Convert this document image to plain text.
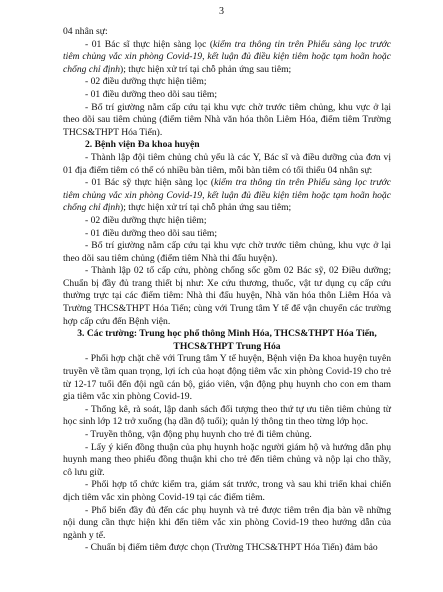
3

04 nhân sự:

- 01 Bác sĩ thực hiện sàng lọc (kiểm tra thông tin trên Phiếu sàng lọc trước tiêm chủng vắc xin phòng Covid-19, kết luận đủ điều kiện tiêm hoặc tạm hoãn hoặc chống chỉ định); thực hiện xử trí tại chỗ phản ứng sau tiêm;

- 02 điều dưỡng thực hiện tiêm;

- 01 điều dưỡng theo dõi sau tiêm;

- Bố trí giường nằm cấp cứu tại khu vực chờ trước tiêm chủng, khu vực ở lại theo dõi sau tiêm chủng (điểm tiêm Nhà văn hóa thôn Liêm Hóa, điểm tiêm Trường THCS&THPT Hóa Tiến).

2. Bệnh viện Đa khoa huyện

- Thành lập đội tiêm chủng chủ yếu là các Y, Bác sĩ và điều dưỡng của đơn vị 01 địa điểm tiêm có thể có nhiều bàn tiêm, mỗi bàn tiêm có tối thiểu 04 nhân sự:

- 01 Bác sỹ thực hiện sàng lọc (kiểm tra thông tin trên Phiếu sàng lọc trước tiêm chủng vắc xin phòng Covid-19, kết luận đủ điều kiện tiêm hoặc tạm hoãn hoặc chống chỉ định); thực hiện xử trí tại chỗ phản ứng sau tiêm;

- 02 điều dưỡng thực hiện tiêm;

- 01 điều dưỡng theo dõi sau tiêm;

- Bố trí giường nằm cấp cứu tại khu vực chờ trước tiêm chủng, khu vực ở lại theo dõi sau tiêm chủng (điểm tiêm Nhà thi đấu huyện).

- Thành lập 02 tổ cấp cứu, phòng chống sốc gồm 02 Bác sỹ, 02 Điều dưỡng; Chuẩn bị đầy đủ trang thiết bị như: Xe cứu thương, thuốc, vật tư dụng cụ cấp cứu thường trực tại các điểm tiêm: Nhà thi đấu huyện, Nhà văn hóa thôn Liêm Hóa và Trường THCS&THPT Hóa Tiến; cùng với Trung tâm Y tế để vận chuyển các trường hợp cấp cứu đến Bệnh viện.

3. Các trường: Trung học phổ thông Minh Hóa, THCS&THPT Hóa Tiến, THCS&THPT Trung Hóa

- Phối hợp chặt chẽ với Trung tâm Y tế huyện, Bệnh viện Đa khoa huyện tuyên truyền về tầm quan trọng, lợi ích của hoạt động tiêm vắc xin phòng Covid-19 cho trẻ từ 12-17 tuổi đến đội ngũ cán bộ, giáo viên, vận động phụ huynh cho con em tham gia tiêm vắc xin phòng Covid-19.

- Thống kê, rà soát, lập danh sách đối tượng theo thứ tự ưu tiên tiêm chủng từ học sinh lớp 12 trở xuống (hạ dần độ tuổi); quản lý thông tin theo từng lớp học.

- Truyền thông, vận động phụ huynh cho trẻ đi tiêm chủng.

- Lấy ý kiến đồng thuận của phụ huynh hoặc người giám hộ và hướng dẫn phụ huynh mang theo phiếu đồng thuận khi cho trẻ đến tiêm chủng và nộp lại cho thầy, cô lưu giữ.

- Phối hợp tổ chức kiểm tra, giám sát trước, trong và sau khi triển khai chiến dịch tiêm vắc xin phòng Covid-19 tại các điểm tiêm.

- Phổ biến đầy đủ đến các phụ huynh và trẻ được tiêm trên địa bàn về những nội dung cần thực hiện khi đến tiêm vắc xin phòng Covid-19 theo hướng dẫn của ngành y tế.

- Chuẩn bị điểm tiêm được chọn (Trường THCS&THPT Hóa Tiến) đảm bảo
